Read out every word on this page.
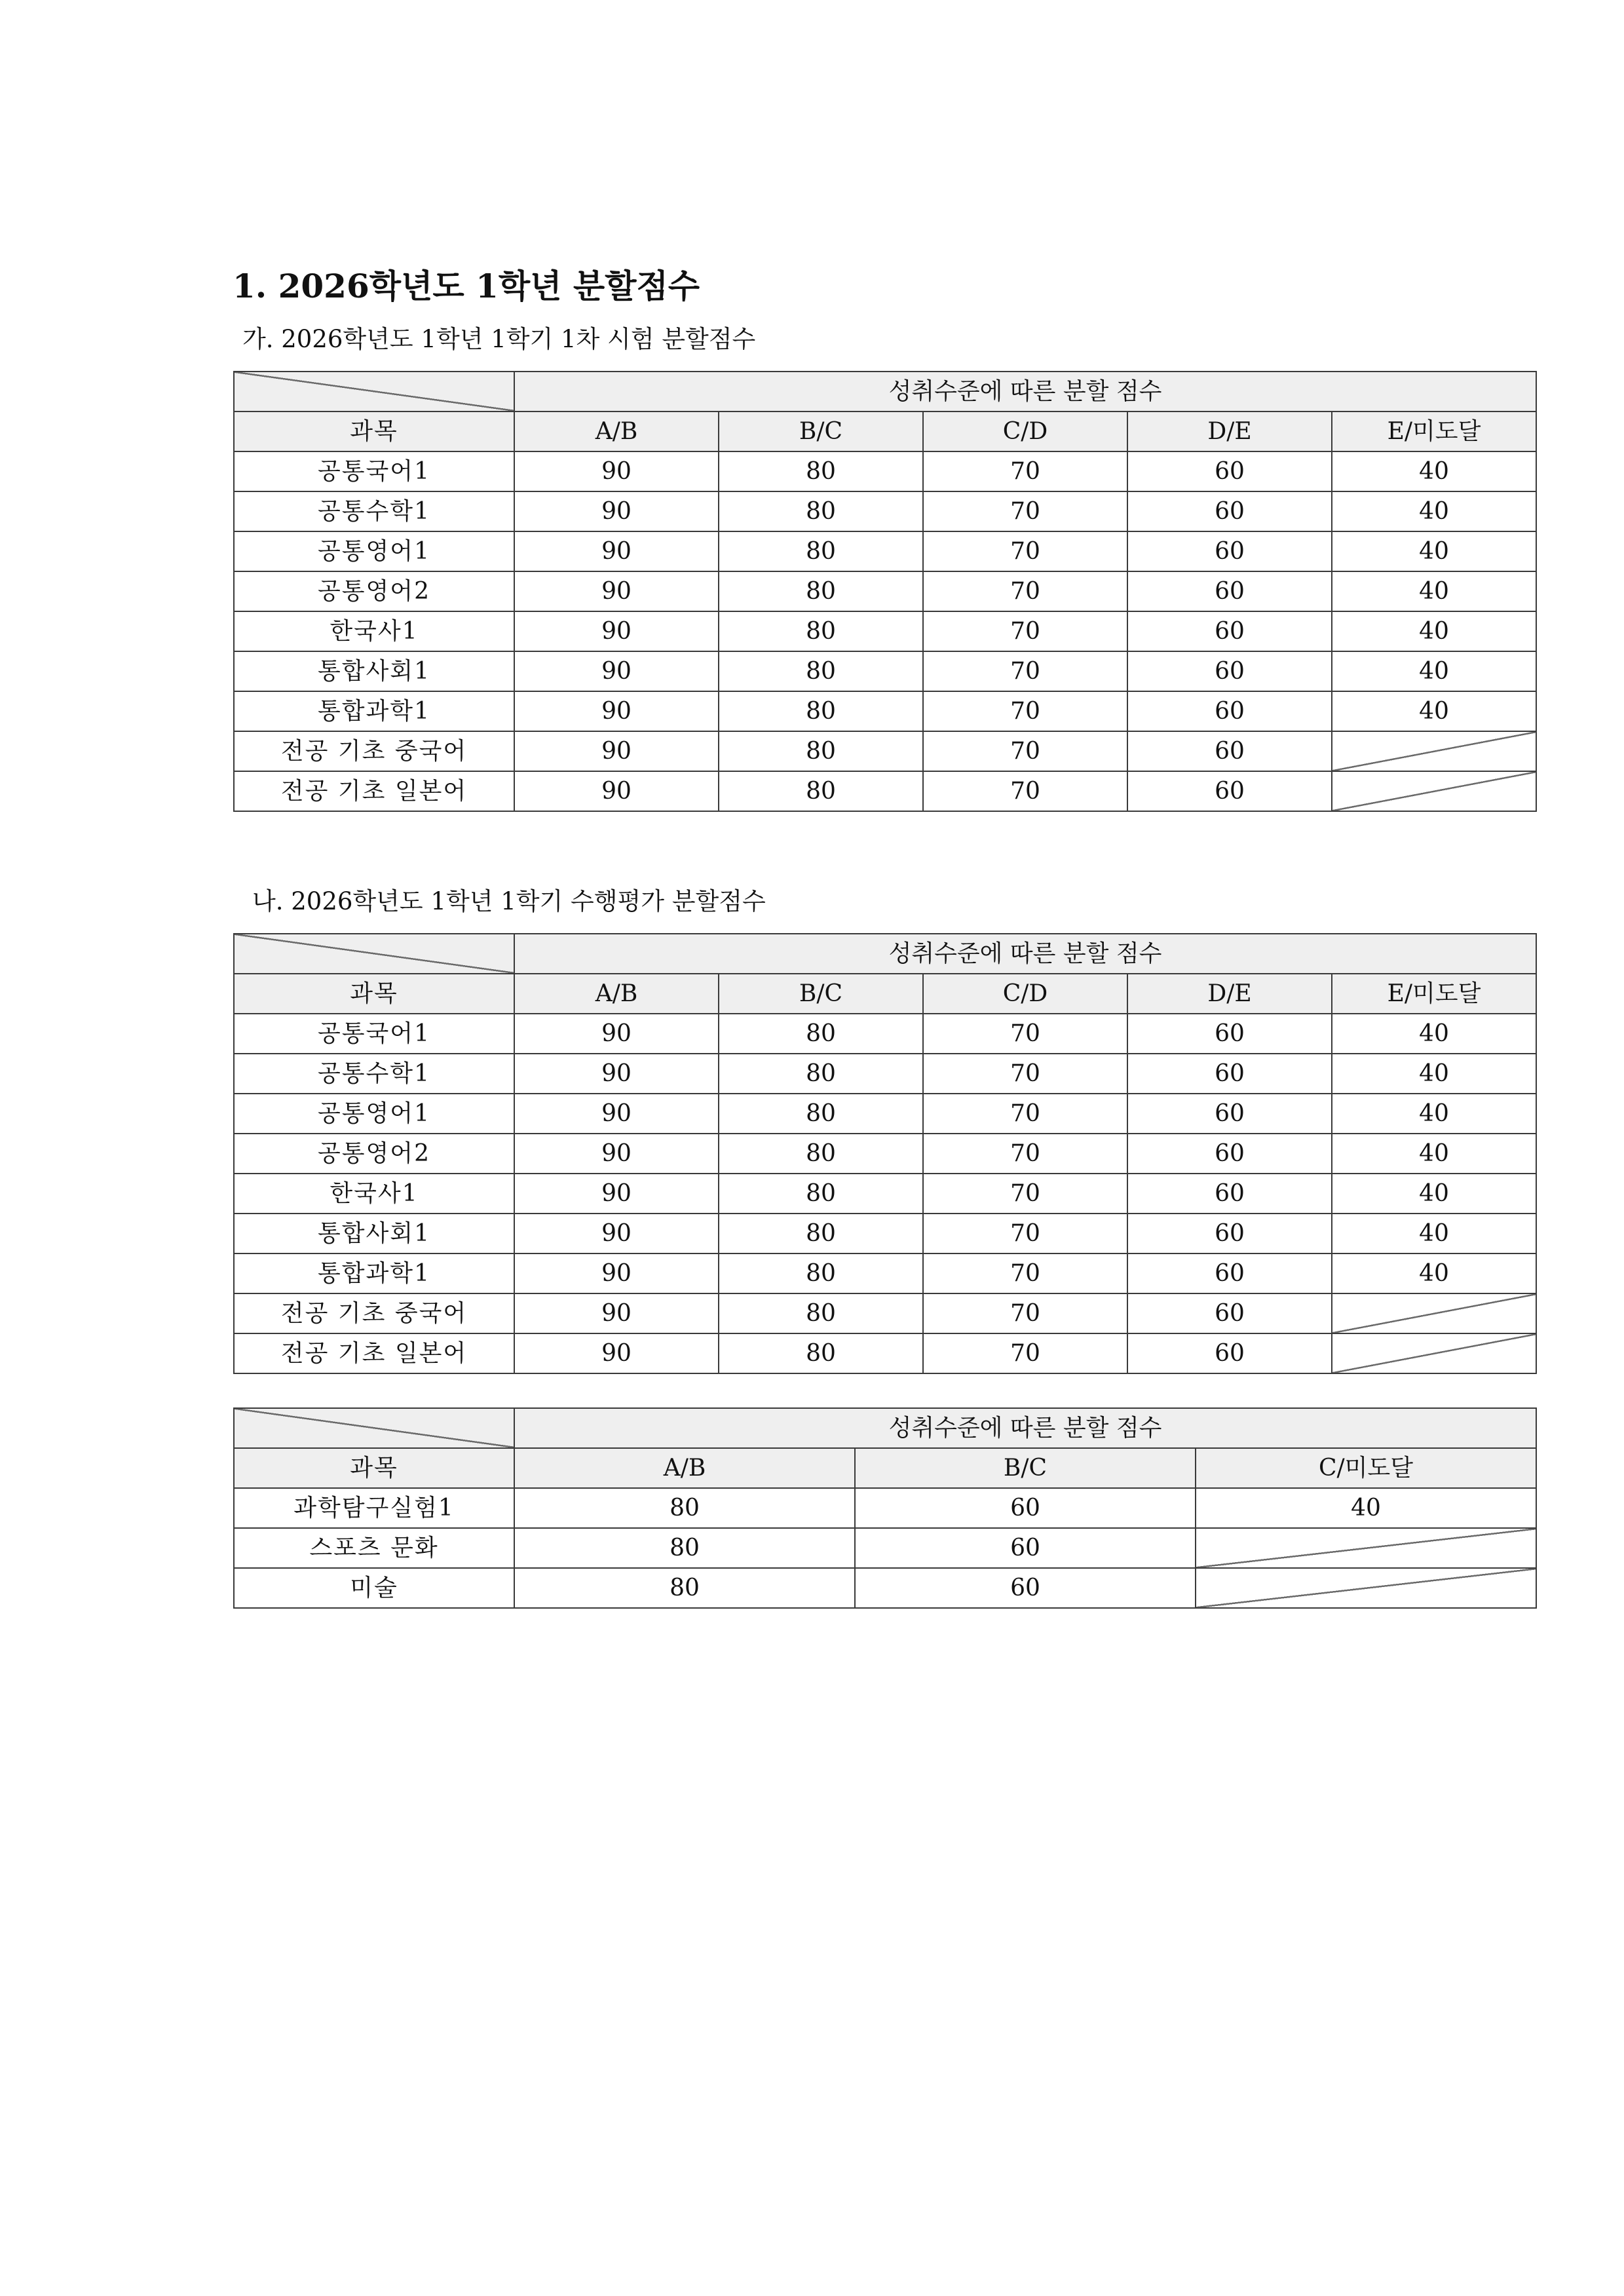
1. 2026학년도 1학년 분할점수
가. 2026학년도 1학년 1학기 1차 시험 분할점수
	성취수준에 따른 분할 점수				
과목	A/B	B/C	C/D	D/E	E/미도달
공통국어1	90	80	70	60	40
공통수학1	90	80	70	60	40
공통영어1	90	80	70	60	40
공통영어2	90	80	70	60	40
한국사1	90	80	70	60	40
통합사회1	90	80	70	60	40
통합과학1	90	80	70	60	40
전공 기초 중국어	90	80	70	60	
전공 기초 일본어	90	80	70	60	
나. 2026학년도 1학년 1학기 수행평가 분할점수
	성취수준에 따른 분할 점수				
과목	A/B	B/C	C/D	D/E	E/미도달
공통국어1	90	80	70	60	40
공통수학1	90	80	70	60	40
공통영어1	90	80	70	60	40
공통영어2	90	80	70	60	40
한국사1	90	80	70	60	40
통합사회1	90	80	70	60	40
통합과학1	90	80	70	60	40
전공 기초 중국어	90	80	70	60	
전공 기초 일본어	90	80	70	60	
	성취수준에 따른 분할 점수		
과목	A/B	B/C	C/미도달
과학탐구실험1	80	60	40
스포츠 문화	80	60	
미술	80	60	
